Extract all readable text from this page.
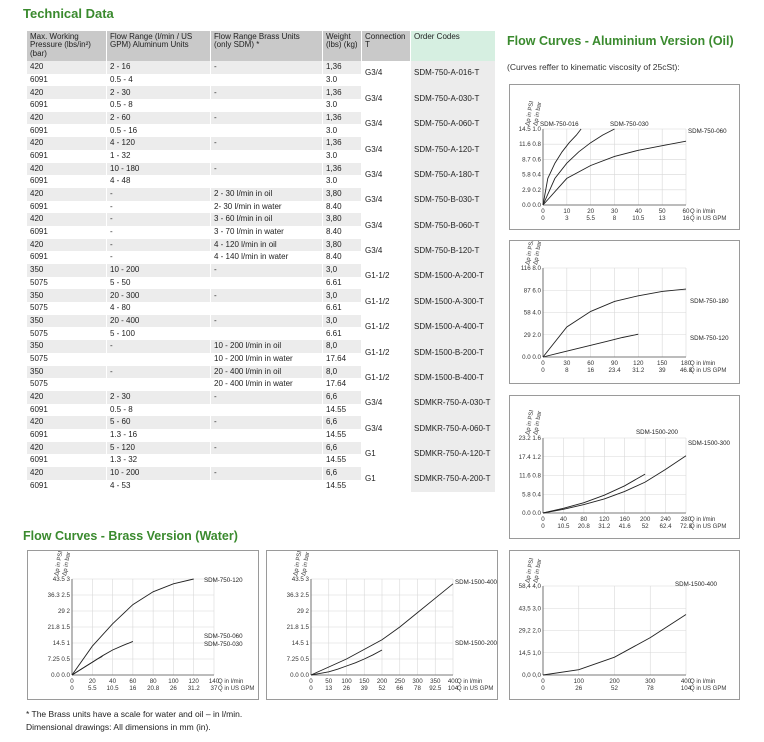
Technical Data
Flow Curves - Aluminium Version (Oil)
(Curves reffer to kinematic viscosity of 25cSt):
Flow Curves - Brass Version (Water)
Max. Working Pressure (lbs/in²) (bar)	Flow Range (l/min / US GPM) Aluminum Units	Flow Range Brass Units (only SDM) *	Weight (lbs) (kg)	Connection T	Order Codes
420	2 - 16	-	1,36	G3/4	SDM-750-A-016-T
6091	0.5 - 4		3.0		
420	2 - 30	-	1,36	G3/4	SDM-750-A-030-T
6091	0.5 - 8		3.0		
420	2 - 60	-	1,36	G3/4	SDM-750-A-060-T
6091	0.5 - 16		3.0		
420	4 - 120	-	1,36	G3/4	SDM-750-A-120-T
6091	1 - 32		3.0		
420	10 - 180	-	1,36	G3/4	SDM-750-A-180-T
6091	4 - 48		3.0		
420	-	2 - 30 l/min in oil	3,80	G3/4	SDM-750-B-030-T
6091	-	2- 30 l/min in water	8.40		
420	-	3 - 60 l/min in oil	3,80	G3/4	SDM-750-B-060-T
6091	-	3 - 70 l/min in water	8.40		
420	-	4 - 120 l/min in oil	3,80	G3/4	SDM-750-B-120-T
6091	-	4 - 140 l/min in water	8.40		
350	10 - 200	-	3,0	G1-1/2	SDM-1500-A-200-T
5075	5 - 50		6.61		
350	20 - 300	-	3,0	G1-1/2	SDM-1500-A-300-T
5075	4 - 80		6.61		
350	20 - 400	-	3,0	G1-1/2	SDM-1500-A-400-T
5075	5 - 100		6.61		
350	-	10 - 200 l/min in oil	8,0	G1-1/2	SDM-1500-B-200-T
5075		10 - 200 l/min in water	17.64		
350	-	20 - 400 l/min in oil	8,0	G1-1/2	SDM-1500-B-400-T
5075		20 - 400 l/min in water	17.64		
420	2 - 30	-	6,6	G3/4	SDMKR-750-A-030-T
6091	0.5 - 8		14.55		
420	5 - 60	-	6,6	G3/4	SDMKR-750-A-060-T
6091	1.3 - 16		14.55		
420	5 - 120	-	6,6	G1	SDMKR-750-A-120-T
6091	1.3 - 32		14.55		
420	10 - 200	-	6,6	G1	SDMKR-750-A-200-T
6091	4 - 53		14.55		
0	10	20	30	40	50	60
0	3	5.5	8	10.5 13	16
0.0 0.0
2.9 0.2
5.8 0.4
8.7 0.6
11.6 0.8
14.5 1.0
Q in l/min
Q in US GPM
Δp in PSI
Δp in bar
SDM-750-016	SDM-750-030
SDM-750-060
0	30	60	90 120 150 180
0	8	16 23.4 31.2 39 46.8
0.0 0.0
29 2.0
58 4.0
87 6.0
116 8.0
Q in l/min
Q in US GPM
Δp in PSI
Δp in bar
SDM-750-180
SDM-750-120
0 40 80 120 160 200 240 280
0 10.5 20.8 31.2 41.6 52 62.4 72.8
0.0 0.0
5.8 0.4
11.6 0.8
17.4 1.2
23.2 1.6
Q in l/min
Q in US GPM
Δp in PSI
Δp in bar	SDM-1500-200
SDM-1500-300
0	100	200	300	400
0	26	52	78	104
0,0 0,0
14,5 1,0
29,2 2,0
43,5 3,0
58,4 4,0
Q in l/min
Q in US GPM
Δp in PSI
Δp in bar
SDM-1500-400
0 20 40 60 80 100 120 140
0 5.5 10.5 16 20.8 26 31.2 37
0.0 0.0
7.25 0.5
14.5 1
21.8 1.5
29 2
36.3 2.5
43.5 3
Q in l/min
Q in US GPM
Δp in PSI
Δp in bar
SDM-750-120
SDM-750-060
SDM-750-030
0 50 100 150 200 250 300 350 400
0 13 26 39 52 66 78 92.5 104
0.0 0.0
7.25 0.5
14.5 1
21.8 1.5
29 2
36.3 2.5
43.5 3
Q in l/min
Q in US GPM
Δp in PSI
Δp in bar
SDM-1500-400
SDM-1500-200
* The Brass units have a scale for water and oil – in l/min.
Dimensional drawings: All dimensions in mm (in).
